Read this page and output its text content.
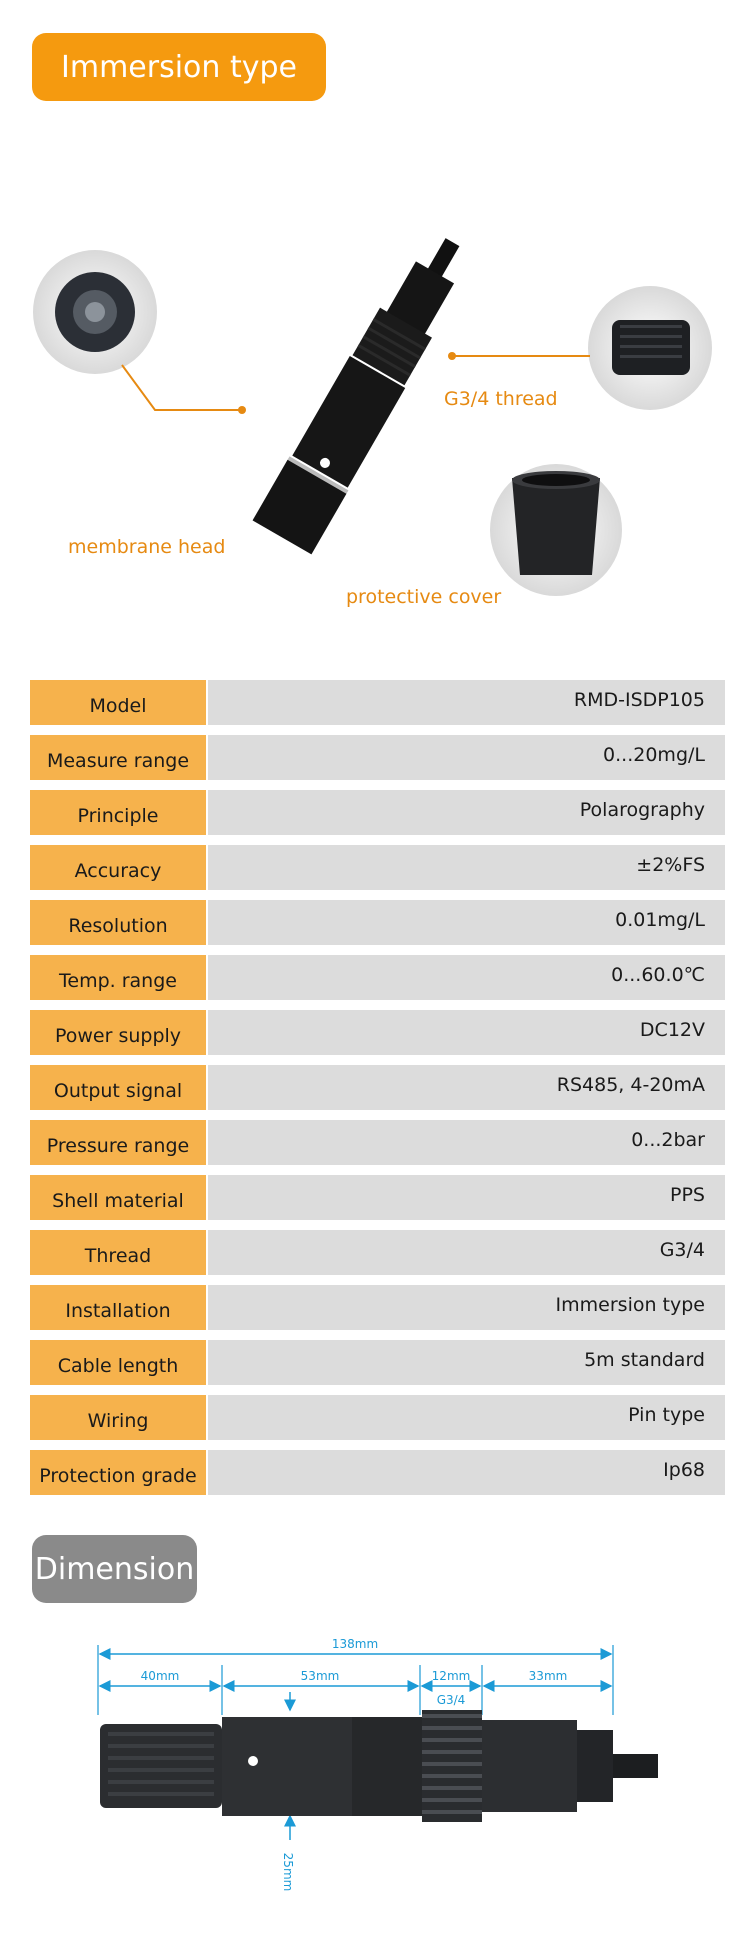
Immersion type
membrane head
G3/4 thread
protective cover
Model	RMD-ISDP105
Measure range	0...20mg/L
Principle	Polarography
Accuracy	±2%FS
Resolution	0.01mg/L
Temp. range	0...60.0℃
Power supply	DC12V
Output signal	RS485, 4-20mA
Pressure range	0...2bar
Shell material	PPS
Thread	G3/4
Installation	Immersion type
Cable length	5m standard
Wiring	Pin type
Protection grade	Ip68
Dimension
138mm
40mm	53mm	12mm
G3/4
33mm
25mm
